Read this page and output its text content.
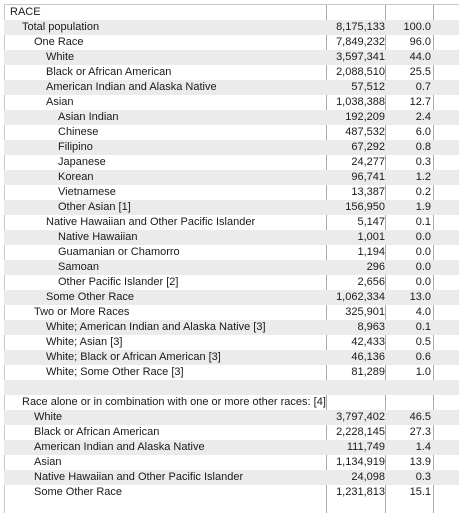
RACE
Total population	8,175,133	100.0
One Race	7,849,232	96.0
White	3,597,341	44.0
Black or African American	2,088,510	25.5
American Indian and Alaska Native	57,512	0.7
Asian	1,038,388	12.7
Asian Indian	192,209	2.4
Chinese	487,532	6.0
Filipino	67,292	0.8
Japanese	24,277	0.3
Korean	96,741	1.2
Vietnamese	13,387	0.2
Other Asian [1]	156,950	1.9
Native Hawaiian and Other Pacific Islander	5,147	0.1
Native Hawaiian	1,001	0.0
Guamanian or Chamorro	1,194	0.0
Samoan	296	0.0
Other Pacific Islander [2]	2,656	0.0
Some Other Race	1,062,334	13.0
Two or More Races	325,901	4.0
White; American Indian and Alaska Native [3]	8,963	0.1
White; Asian [3]	42,433	0.5
White; Black or African American [3]	46,136	0.6
White; Some Other Race [3]	81,289	1.0
Race alone or in combination with one or more other races: [4]
White	3,797,402	46.5
Black or African American	2,228,145	27.3
American Indian and Alaska Native	111,749	1.4
Asian	1,134,919	13.9
Native Hawaiian and Other Pacific Islander	24,098	0.3
Some Other Race	1,231,813	15.1
